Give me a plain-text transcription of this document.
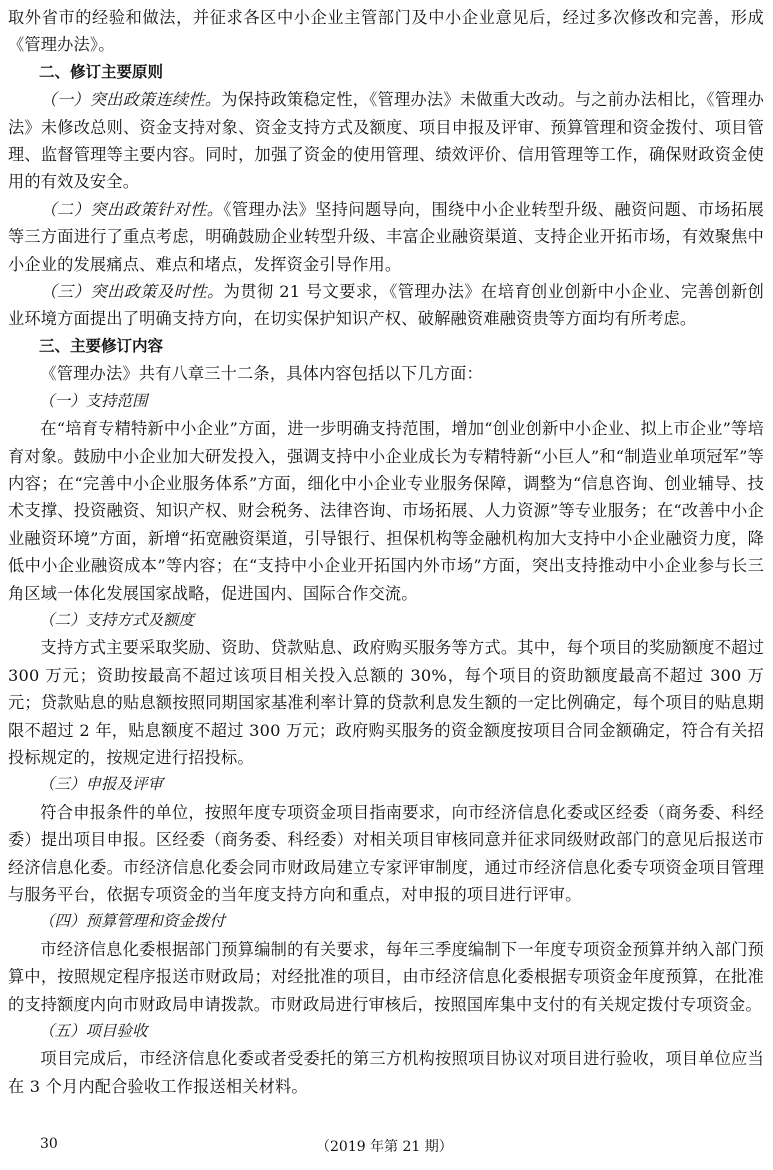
取外省市的经验和做法，并征求各区中小企业主管部门及中小企业意见后，经过多次修改和完善，形成《管理办法》。

二、修订主要原则

（一）突出政策连续性。为保持政策稳定性，《管理办法》未做重大改动。与之前办法相比，《管理办法》未修改总则、资金支持对象、资金支持方式及额度、项目申报及评审、预算管理和资金拨付、项目管理、监督管理等主要内容。同时，加强了资金的使用管理、绩效评价、信用管理等工作，确保财政资金使用的有效及安全。

（二）突出政策针对性。《管理办法》坚持问题导向，围绕中小企业转型升级、融资问题、市场拓展等三方面进行了重点考虑，明确鼓励企业转型升级、丰富企业融资渠道、支持企业开拓市场，有效聚焦中小企业的发展痛点、难点和堵点，发挥资金引导作用。

（三）突出政策及时性。为贯彻 21 号文要求，《管理办法》在培育创业创新中小企业、完善创新创业环境方面提出了明确支持方向，在切实保护知识产权、破解融资难融资贵等方面均有所考虑。

三、主要修订内容

《管理办法》共有八章三十二条，具体内容包括以下几方面：

（一）支持范围

在“培育专精特新中小企业”方面，进一步明确支持范围，增加“创业创新中小企业、拟上市企业”等培育对象。鼓励中小企业加大研发投入，强调支持中小企业成长为专精特新“小巨人”和“制造业单项冠军”等内容；在“完善中小企业服务体系”方面，细化中小企业专业服务保障，调整为“信息咨询、创业辅导、技术支撑、投资融资、知识产权、财会税务、法律咨询、市场拓展、人力资源”等专业服务；在“改善中小企业融资环境”方面，新增“拓宽融资渠道，引导银行、担保机构等金融机构加大支持中小企业融资力度，降低中小企业融资成本”等内容；在“支持中小企业开拓国内外市场”方面，突出支持推动中小企业参与长三角区域一体化发展国家战略，促进国内、国际合作交流。

（二）支持方式及额度

支持方式主要采取奖励、资助、贷款贴息、政府购买服务等方式。其中，每个项目的奖励额度不超过 300 万元；资助按最高不超过该项目相关投入总额的 30%，每个项目的资助额度最高不超过 300 万元；贷款贴息的贴息额按照同期国家基准利率计算的贷款利息发生额的一定比例确定，每个项目的贴息期限不超过 2 年，贴息额度不超过 300 万元；政府购买服务的资金额度按项目合同金额确定，符合有关招投标规定的，按规定进行招投标。

（三）申报及评审

符合申报条件的单位，按照年度专项资金项目指南要求，向市经济信息化委或区经委（商务委、科经委）提出项目申报。区经委（商务委、科经委）对相关项目审核同意并征求同级财政部门的意见后报送市经济信息化委。市经济信息化委会同市财政局建立专家评审制度，通过市经济信息化委专项资金项目管理与服务平台，依据专项资金的当年度支持方向和重点，对申报的项目进行评审。

（四）预算管理和资金拨付

市经济信息化委根据部门预算编制的有关要求，每年三季度编制下一年度专项资金预算并纳入部门预算中，按照规定程序报送市财政局；对经批准的项目，由市经济信息化委根据专项资金年度预算，在批准的支持额度内向市财政局申请拨款。市财政局进行审核后，按照国库集中支付的有关规定拨付专项资金。

（五）项目验收

项目完成后，市经济信息化委或者受委托的第三方机构按照项目协议对项目进行验收，项目单位应当在 3 个月内配合验收工作报送相关材料。

30	（2019 年第 21 期）
